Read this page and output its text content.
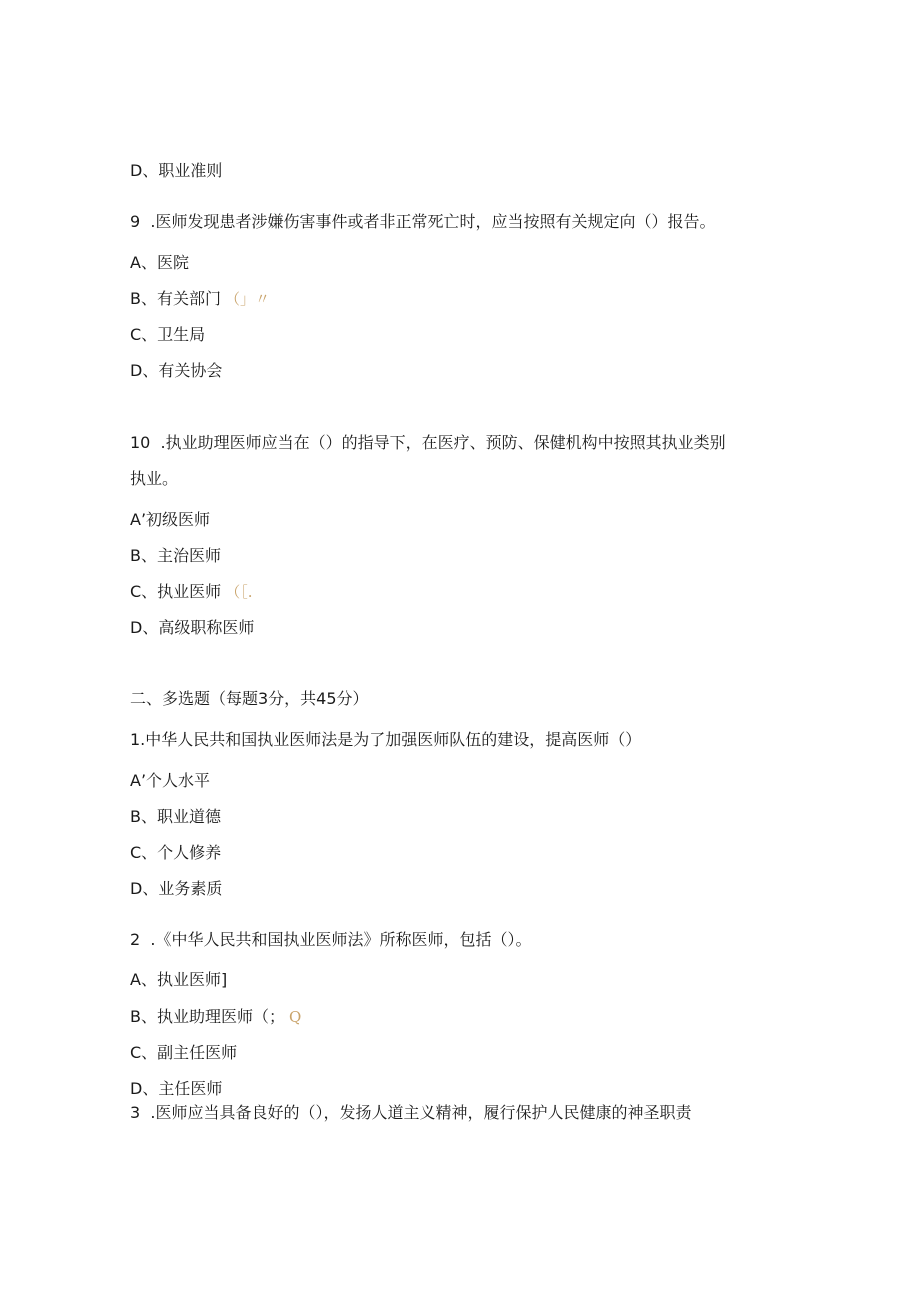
D、职业准则
9  .医师发现患者涉嫌伤害事件或者非正常死亡时，应当按照有关规定向（）报告。
A、医院
B、有关部门 （」〃
C、卫生局
D、有关协会
10  .执业助理医师应当在（）的指导下，在医疗、预防、保健机构中按照其执业类别
执业。
A’初级医师
B、主治医师
C、执业医师 （［.
D、高级职称医师
二、多选题（每题3分，共45分）
1.中华人民共和国执业医师法是为了加强医师队伍的建设，提高医师（）
A’个人水平
B、职业道德
C、个人修养
D、业务素质
2  .《中华人民共和国执业医师法》所称医师，包括（）。
A、执业医师]
B、执业助理医师（； Q
C、副主任医师
D、主任医师
3  .医师应当具备良好的（），发扬人道主义精神，履行保护人民健康的神圣职责
